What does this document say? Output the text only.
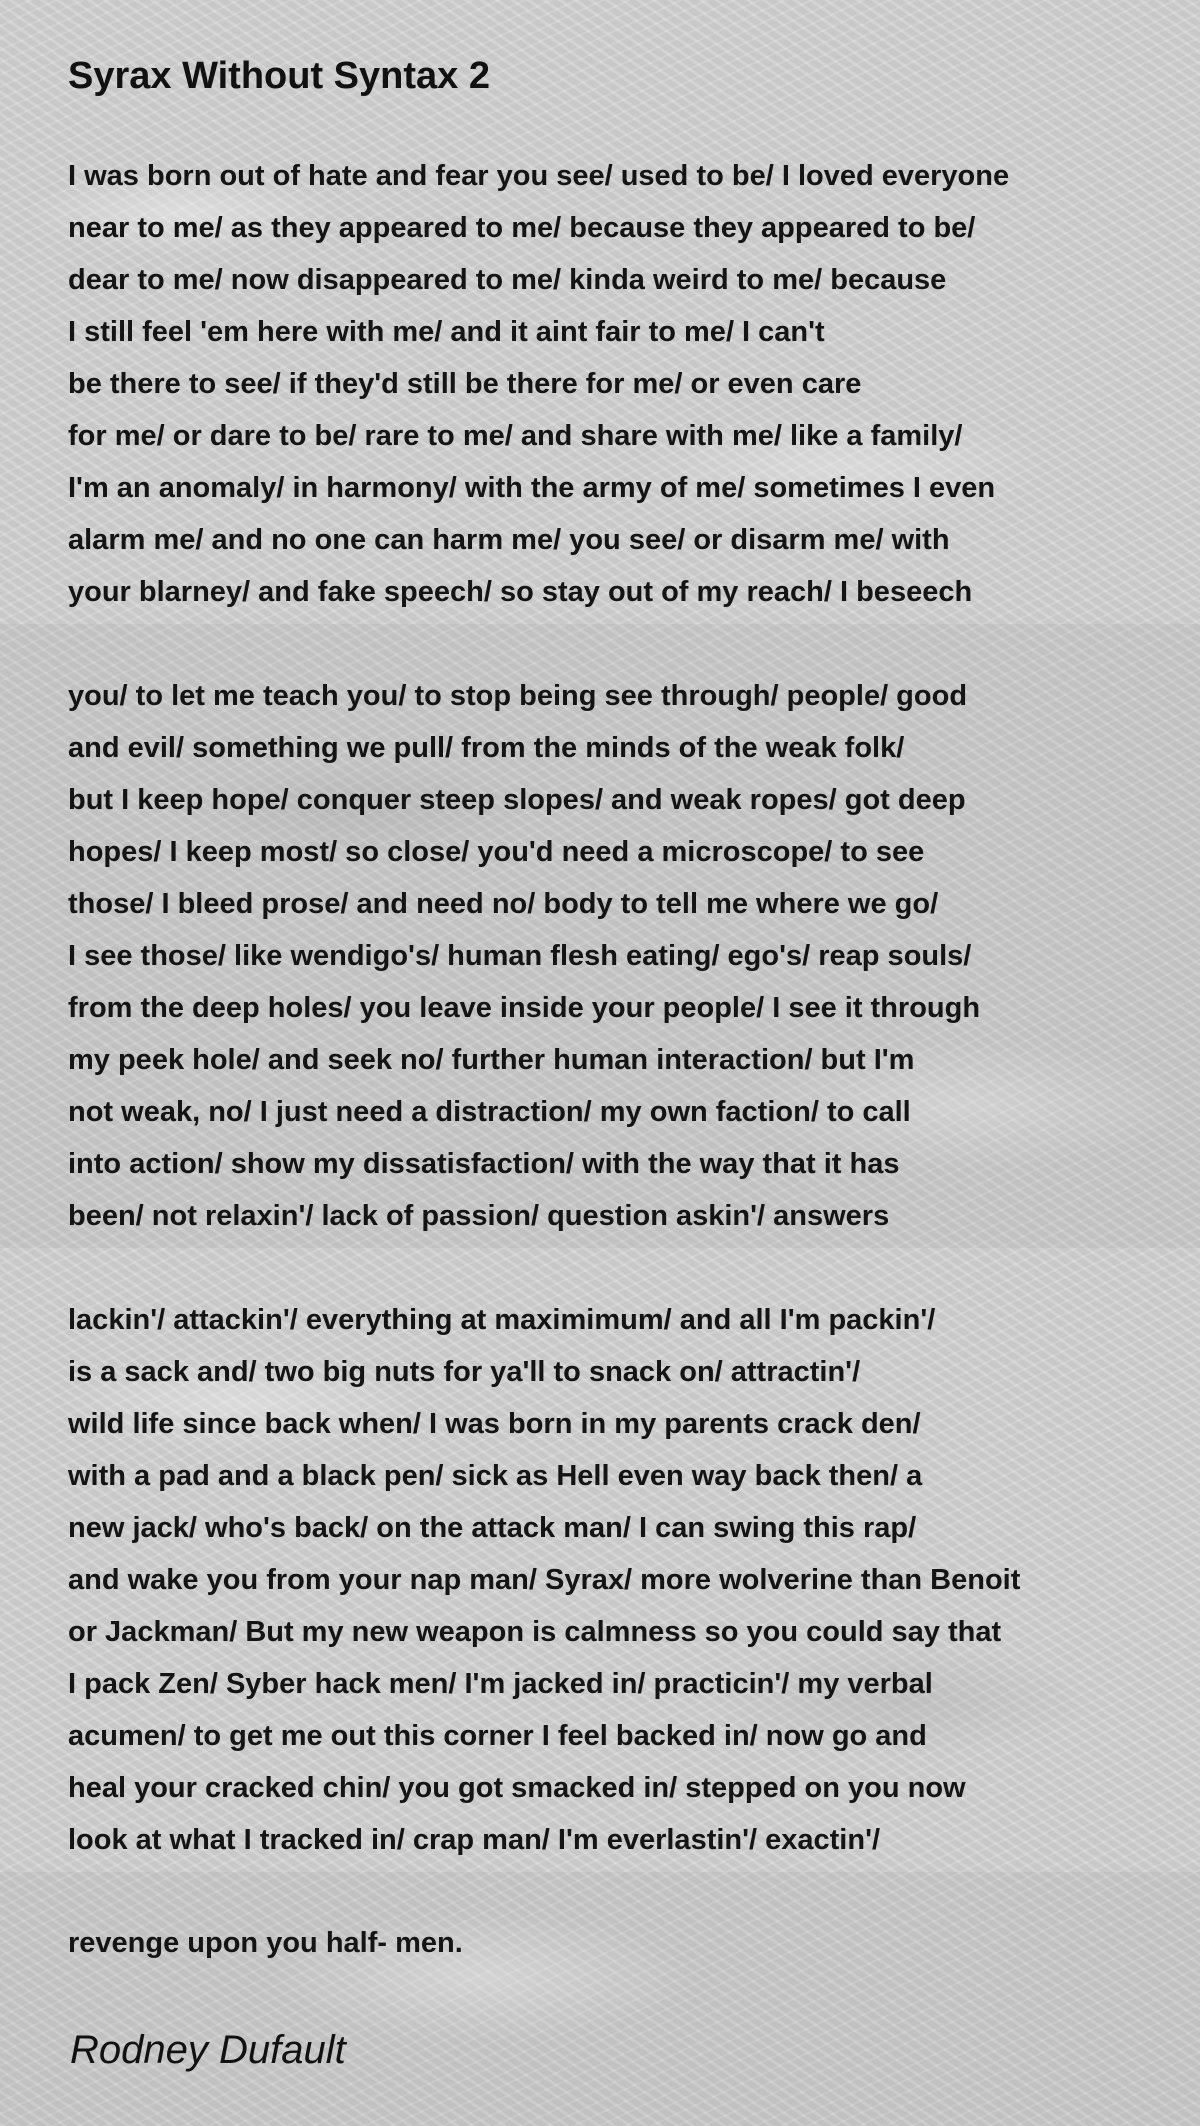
Syrax Without Syntax 2
I was born out of hate and fear you see/ used to be/ I loved everyone
near to me/ as they appeared to me/ because they appeared to be/
dear to me/ now disappeared to me/ kinda weird to me/ because
I still feel 'em here with me/ and it aint fair to me/ I can't
be there to see/ if they'd still be there for me/ or even care
for me/ or dare to be/ rare to me/ and share with me/ like a family/
I'm an anomaly/ in harmony/ with the army of me/ sometimes I even
alarm me/ and no one can harm me/ you see/ or disarm me/ with
your blarney/ and fake speech/ so stay out of my reach/ I beseech
you/ to let me teach you/ to stop being see through/ people/ good
and evil/ something we pull/ from the minds of the weak folk/
but I keep hope/ conquer steep slopes/ and weak ropes/ got deep
hopes/ I keep most/ so close/ you'd need a microscope/ to see
those/ I bleed prose/ and need no/ body to tell me where we go/
I see those/ like wendigo's/ human flesh eating/ ego's/ reap souls/
from the deep holes/ you leave inside your people/ I see it through
my peek hole/ and seek no/ further human interaction/ but I'm
not weak, no/ I just need a distraction/ my own faction/ to call
into action/ show my dissatisfaction/ with the way that it has
been/ not relaxin'/ lack of passion/ question askin'/ answers
lackin'/ attackin'/ everything at maximimum/ and all I'm packin'/
is a sack and/ two big nuts for ya'll to snack on/ attractin'/
wild life since back when/ I was born in my parents crack den/
with a pad and a black pen/ sick as Hell even way back then/ a
new jack/ who's back/ on the attack man/ I can swing this rap/
and wake you from your nap man/ Syrax/ more wolverine than Benoit
or Jackman/ But my new weapon is calmness so you could say that
I pack Zen/ Syber hack men/ I'm jacked in/ practicin'/ my verbal
acumen/ to get me out this corner I feel backed in/ now go and
heal your cracked chin/ you got smacked in/ stepped on you now
look at what I tracked in/ crap man/ I'm everlastin'/ exactin'/
revenge upon you half- men.
Rodney Dufault
